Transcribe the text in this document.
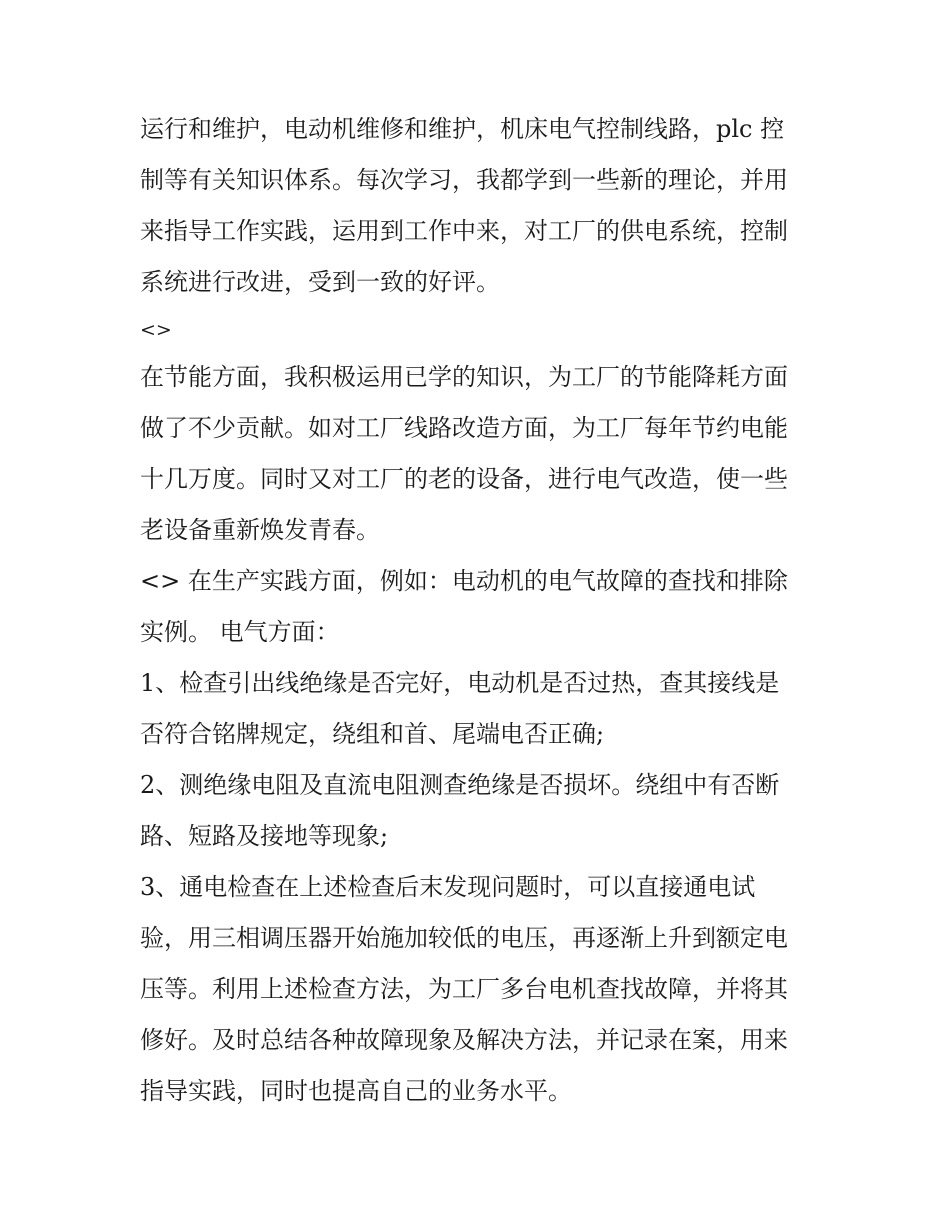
运行和维护，电动机维修和维护，机床电气控制线路，plc 控
制等有关知识体系。每次学习，我都学到一些新的理论，并用
来指导工作实践，运用到工作中来，对工厂的供电系统，控制
系统进行改进，受到一致的好评。
<>
在节能方面，我积极运用已学的知识，为工厂的节能降耗方面
做了不少贡献。如对工厂线路改造方面，为工厂每年节约电能
十几万度。同时又对工厂的老的设备，进行电气改造，使一些
老设备重新焕发青春。
<> 在生产实践方面，例如：电动机的电气故障的查找和排除
实例。 电气方面：
1、检查引出线绝缘是否完好，电动机是否过热，查其接线是
否符合铭牌规定，绕组和首、尾端电否正确;
2、测绝缘电阻及直流电阻测查绝缘是否损坏。绕组中有否断
路、短路及接地等现象;
3、通电检查在上述检查后末发现问题时，可以直接通电试
验，用三相调压器开始施加较低的电压，再逐渐上升到额定电
压等。利用上述检查方法，为工厂多台电机查找故障，并将其
修好。及时总结各种故障现象及解决方法，并记录在案，用来
指导实践，同时也提高自己的业务水平。
